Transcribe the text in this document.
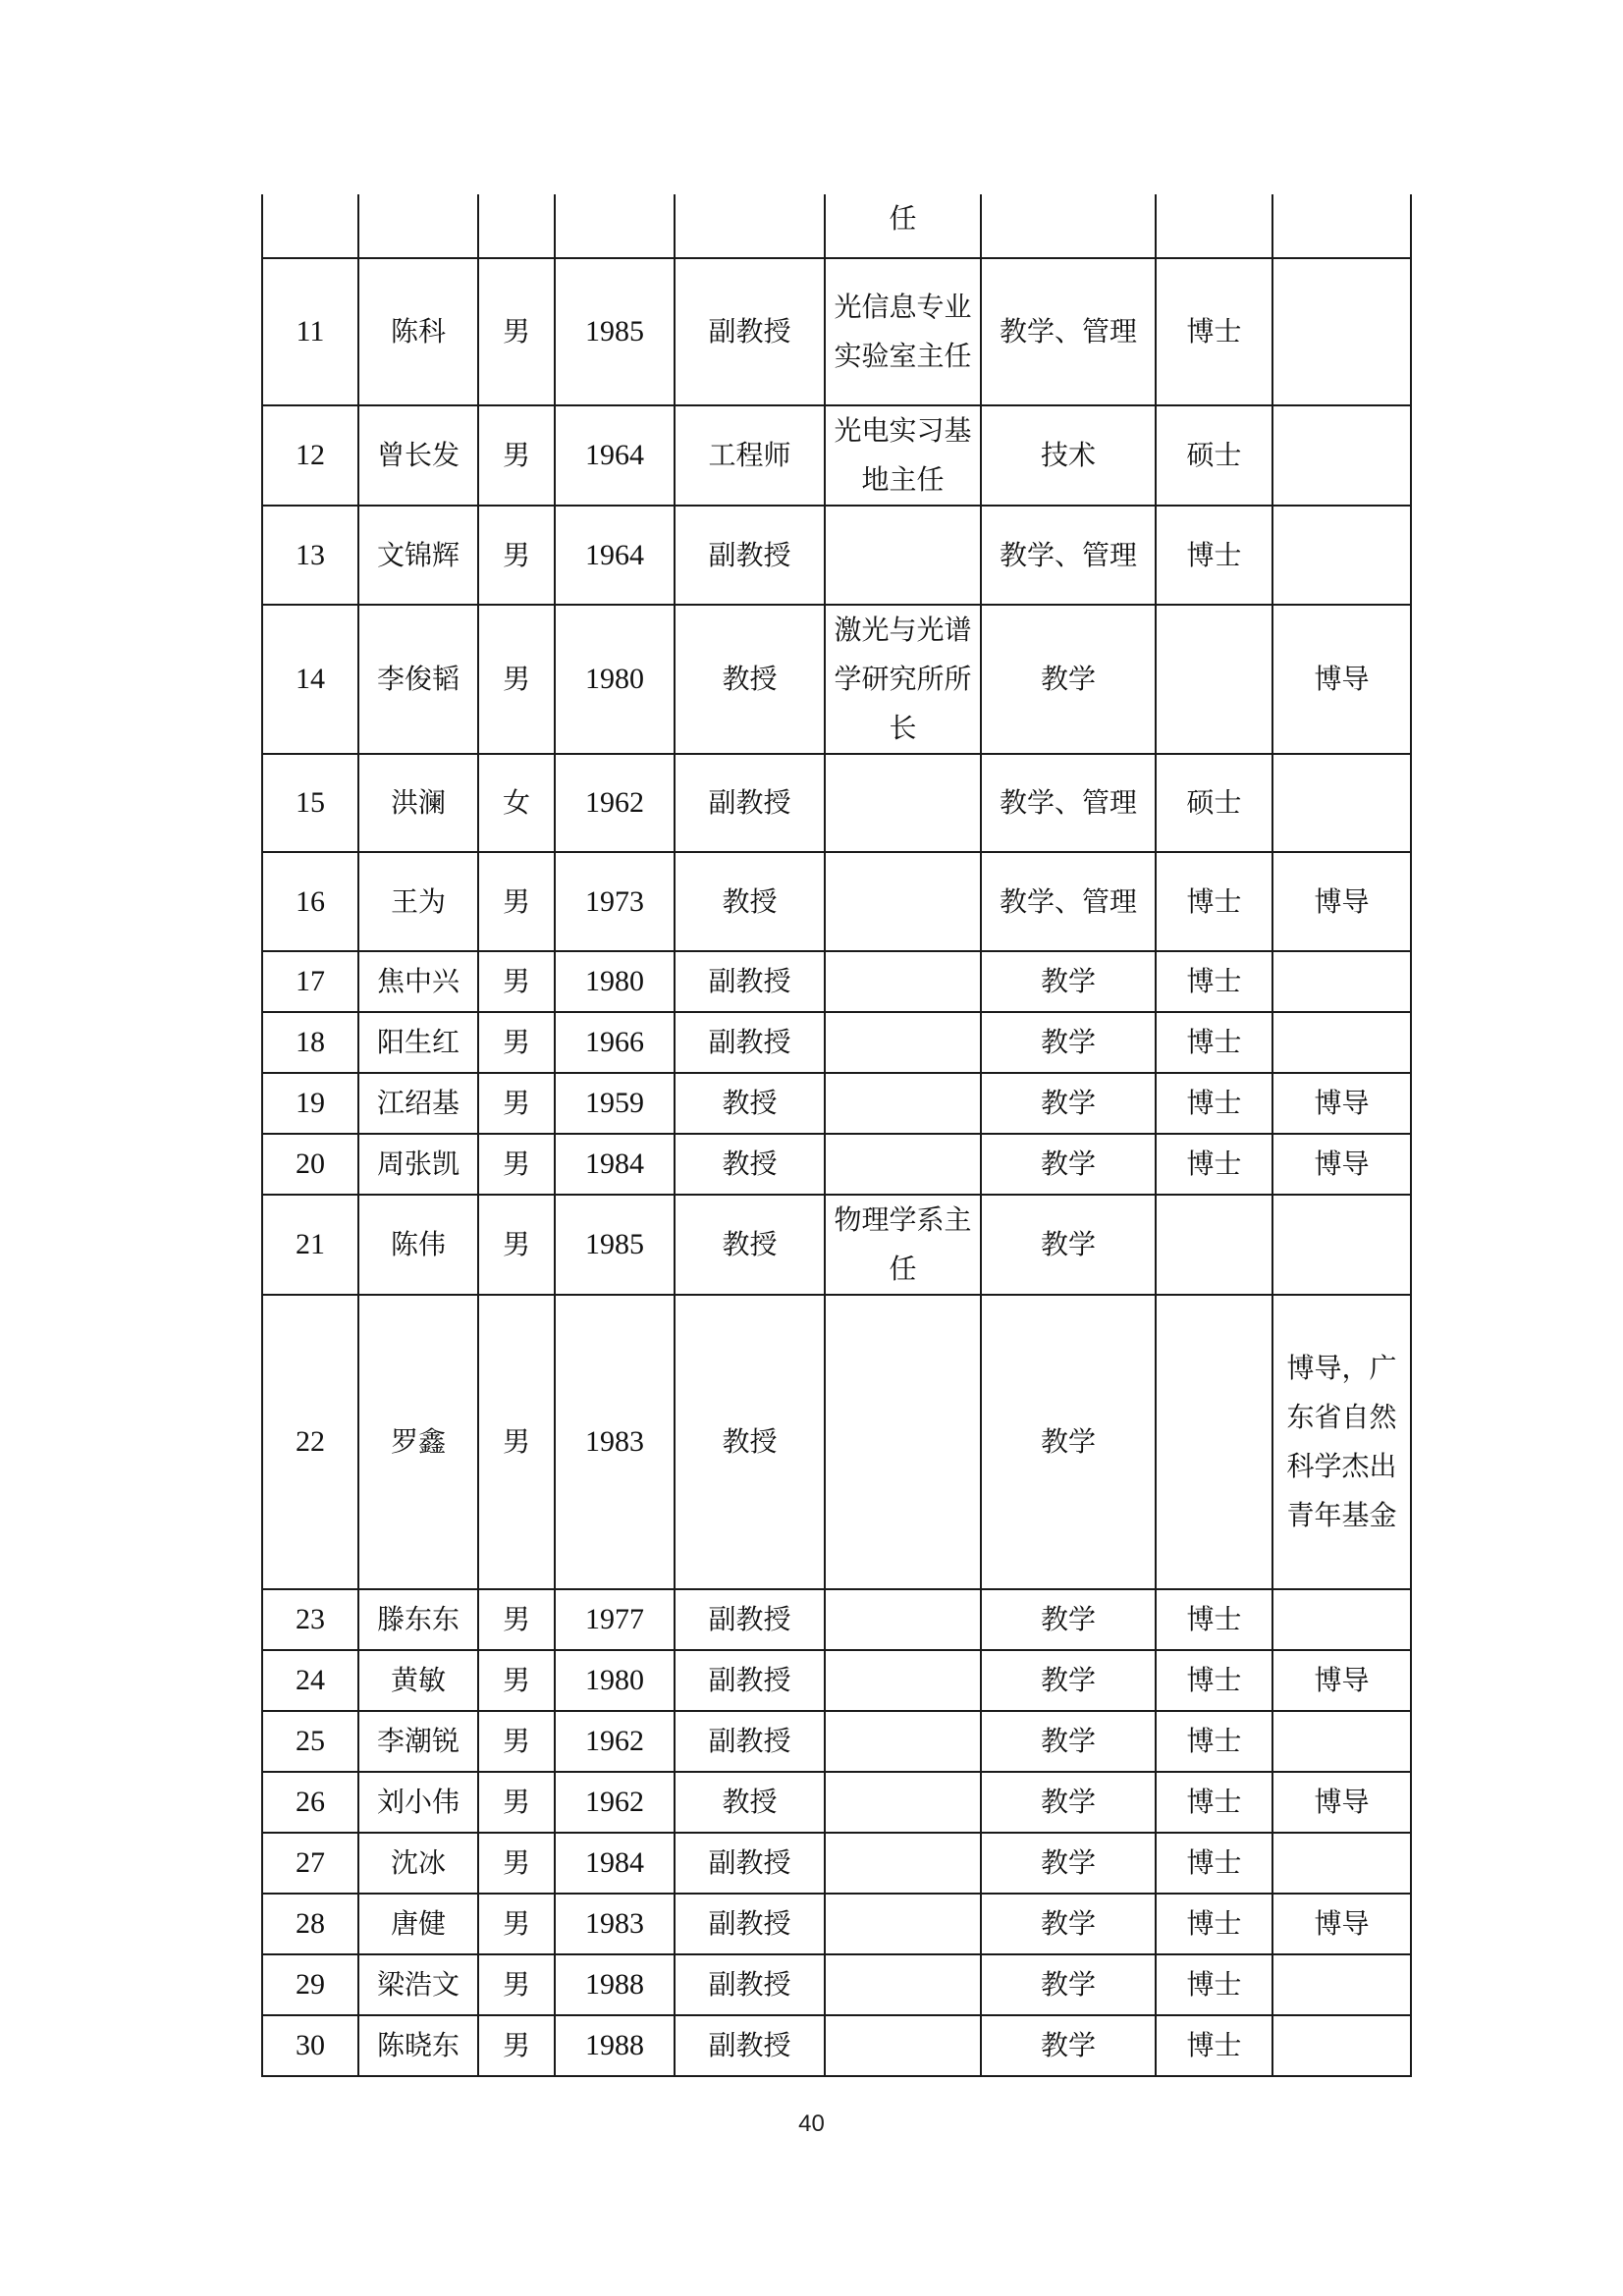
					任			
11	陈科	男	1985	副教授	光信息专业实验室主任	教学、管理	博士	
12	曾长发	男	1964	工程师	光电实习基地主任	技术	硕士	
13	文锦辉	男	1964	副教授		教学、管理	博士	
14	李俊韬	男	1980	教授	激光与光谱学研究所所长	教学		博导
15	洪澜	女	1962	副教授		教学、管理	硕士	
16	王为	男	1973	教授		教学、管理	博士	博导
17	焦中兴	男	1980	副教授		教学	博士	
18	阳生红	男	1966	副教授		教学	博士	
19	江绍基	男	1959	教授		教学	博士	博导
20	周张凯	男	1984	教授		教学	博士	博导
21	陈伟	男	1985	教授	物理学系主任	教学		
22	罗鑫	男	1983	教授		教学		博导，广东省自然科学杰出青年基金
23	滕东东	男	1977	副教授		教学	博士	
24	黄敏	男	1980	副教授		教学	博士	博导
25	李潮锐	男	1962	副教授		教学	博士	
26	刘小伟	男	1962	教授		教学	博士	博导
27	沈冰	男	1984	副教授		教学	博士	
28	唐健	男	1983	副教授		教学	博士	博导
29	梁浩文	男	1988	副教授		教学	博士	
30	陈晓东	男	1988	副教授		教学	博士	
40
